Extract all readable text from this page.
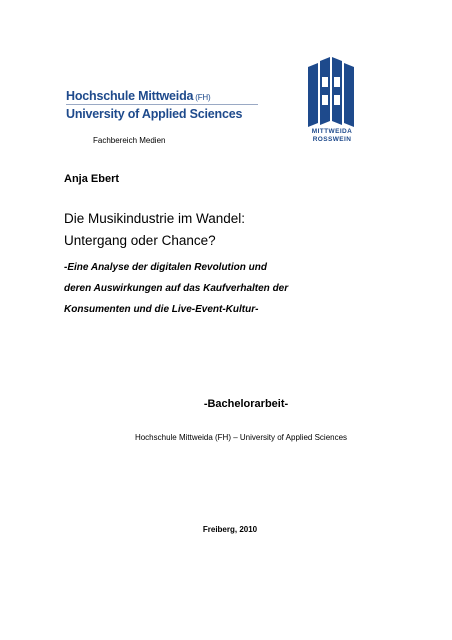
Hochschule Mittweida (FH)
University of Applied Sciences
MITTWEIDA
ROSSWEIN
Fachbereich Medien
Anja Ebert
Die Musikindustrie im Wandel:
Untergang oder Chance?
-Eine Analyse der digitalen Revolution und
deren Auswirkungen auf das Kaufverhalten der
Konsumenten und die Live-Event-Kultur-
-Bachelorarbeit-
Hochschule Mittweida (FH) – University of Applied Sciences
Freiberg, 2010
